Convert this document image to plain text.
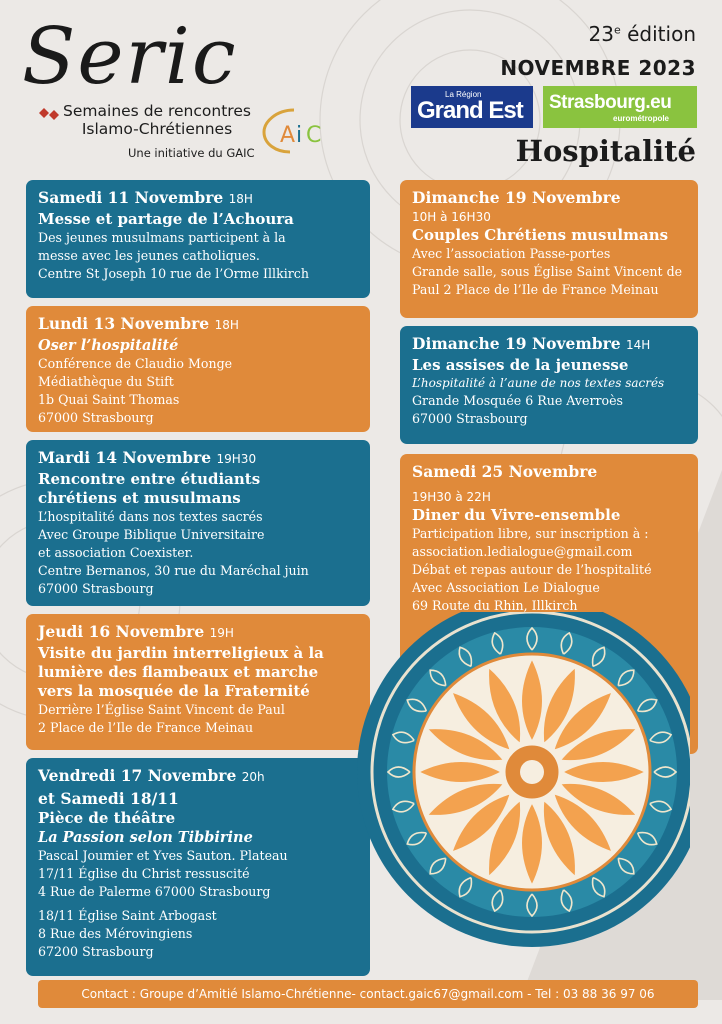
Seric
Semaines de rencontres
Islamo-Chrétiennes
Une initiative du GAIC
A i C
23e édition
NOVEMBRE 2023
La Région
Grand Est Strasbourg.eu
eurométropole
Hospitalité
Samedi 11 Novembre 18H
Messe et partage de l’Achoura
Des jeunes musulmans participent à la
messe avec les jeunes catholiques.
Centre St Joseph 10 rue de l’Orme Illkirch
Lundi 13 Novembre 18H
Oser l’hospitalité
Conférence de Claudio Monge
Médiathèque du Stift
1b Quai Saint Thomas
67000 Strasbourg
Mardi 14 Novembre 19H30
Rencontre entre étudiants
chrétiens et musulmans
L’hospitalité dans nos textes sacrés
Avec Groupe Biblique Universitaire
et association Coexister.
Centre Bernanos, 30 rue du Maréchal juin
67000 Strasbourg
Jeudi 16 Novembre 19H
Visite du jardin interreligieux à la
lumière des flambeaux et marche
vers la mosquée de la Fraternité
Derrière l’Église Saint Vincent de Paul
2 Place de l’Ile de France Meinau
Vendredi 17 Novembre 20h
et Samedi 18/11
Pièce de théâtre
La Passion selon Tibbirine
Pascal Joumier et Yves Sauton. Plateau
17/11 Église du Christ ressuscité
4 Rue de Palerme 67000 Strasbourg
18/11 Église Saint Arbogast
8 Rue des Mérovingiens
67200 Strasbourg
Dimanche 19 Novembre
10H à 16H30
Couples Chrétiens musulmans
Avec l’association Passe-portes
Grande salle, sous Église Saint Vincent de
Paul 2 Place de l’Ile de France Meinau
Dimanche 19 Novembre 14H
Les assises de la jeunesse
L’hospitalité à l’aune de nos textes sacrés
Grande Mosquée 6 Rue Averroès
67000 Strasbourg
Samedi 25 Novembre
19H30 à 22H
Diner du Vivre-ensemble
Participation libre, sur inscription à :
association.ledialogue@gmail.com
Débat et repas autour de l’hospitalité
Avec Association Le Dialogue
69 Route du Rhin, Illkirch
Contact : Groupe d’Amitié Islamo-Chrétienne- contact.gaic67@gmail.com - Tel : 03 88 36 97 06
